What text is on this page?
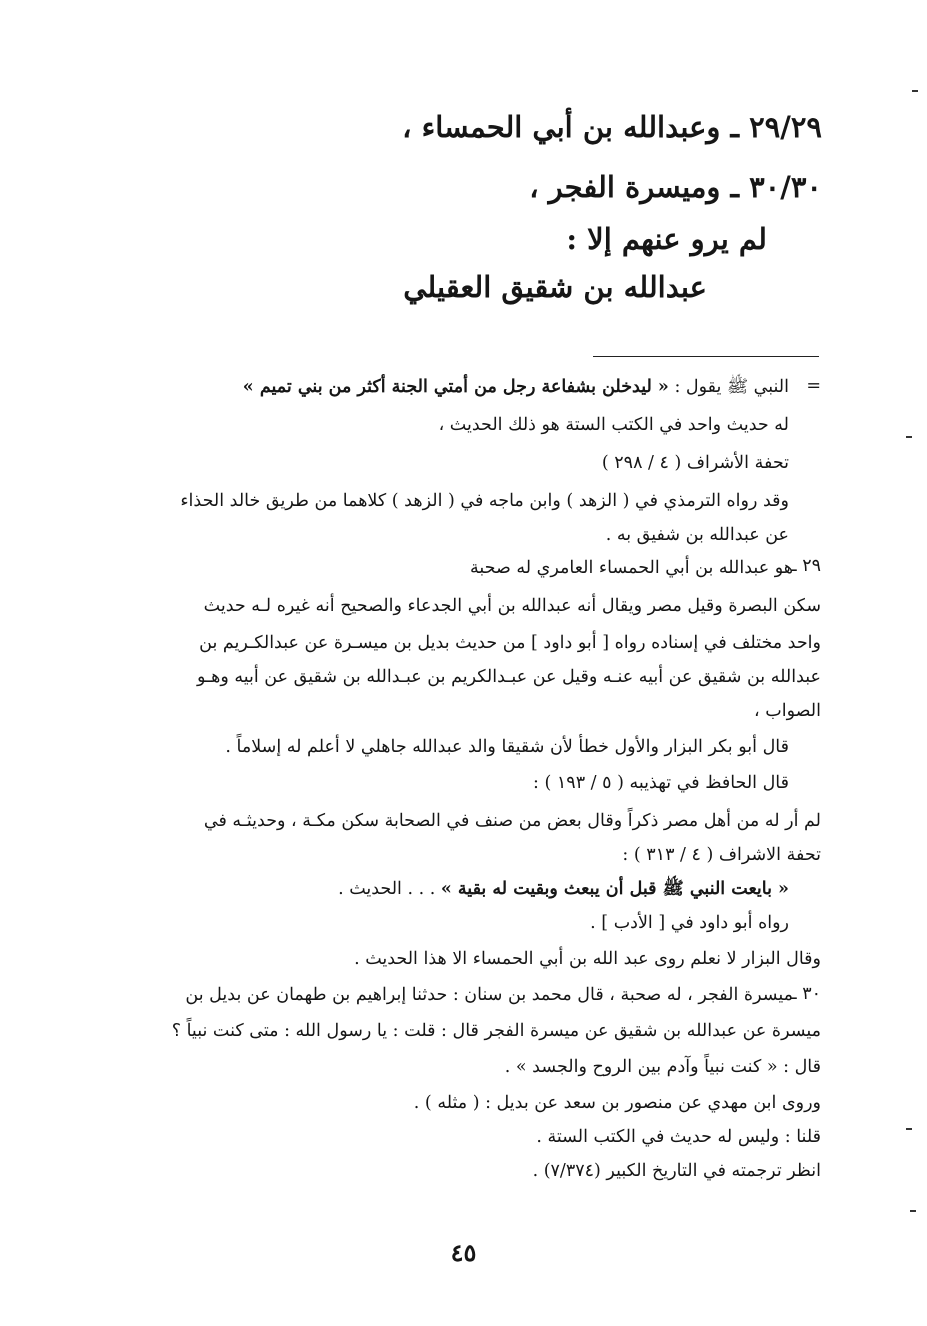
٢٩/٢٩ ـ وعبدالله بن أبي الحمساء ،
٣٠/٣٠ ـ وميسرة الفجر ،
لم يرو عنهم إلا :
عبدالله بن شقيق العقيلي
=
النبي ﷺ يقول : « ليدخلن بشفاعة رجل من أمتي الجنة أكثر من بني تميم »
له حديث واحد في الكتب الستة هو ذلك الحديث ،
تحفة الأشراف ( ٤ / ٢٩٨ )
وقد رواه الترمذي في ( الزهد ) وابن ماجه في ( الزهد ) كلاهما من طريق خالد الحذاء
عن عبدالله بن شفيق به .
٢٩ ـ
هو عبدالله بن أبي الحمساء العامري له صحبة
سكن البصرة وقيل مصر ويقال أنه عبدالله بن أبي الجدعاء والصحيح أنه غيره لـه حديث
واحد مختلف في إسناده رواه [ أبو داود ] من حديث بديل بن ميسـرة عن عبدالكـريم بن
عبدالله بن شقيق عن أبيه عنـه وقيل عن عبـدالكريم بن عبـدالله بن شقيق عن أبيه وهـو
الصواب ،
قال أبو بكر البزار والأول خطأ لأن شقيقا والد عبدالله جاهلي لا أعلم له إسلاماً .
قال الحافظ في تهذيبه ( ٥ / ١٩٣ ) :
لم أر له من أهل مصر ذكراً وقال بعض من صنف في الصحابة سكن مكـة ، وحديثـه في
تحفة الاشراف ( ٤ / ٣١٣ ) :
« بايعت النبي ﷺ قبل أن يبعث وبقيت له بقية » . . . الحديث .
رواه أبو داود في [ الأدب ] .
وقال البزار لا نعلم روى عبد الله بن أبي الحمساء الا هذا الحديث .
٣٠ ـ
ميسرة الفجر ، له صحبة ، قال محمد بن سنان : حدثنا إبراهيم بن طهمان عن بديل بن
ميسرة عن عبدالله بن شقيق عن ميسرة الفجر قال : قلت : يا رسول الله : متى كنت نبياً ؟
قال : « كنت نبياً وآدم بين الروح والجسد » .
وروى ابن مهدي عن منصور بن سعد عن بديل : ( مثله ) .
قلنا : وليس له حديث في الكتب الستة .
انظر ترجمته في التاريخ الكبير (٧/٣٧٤) .
٤٥
